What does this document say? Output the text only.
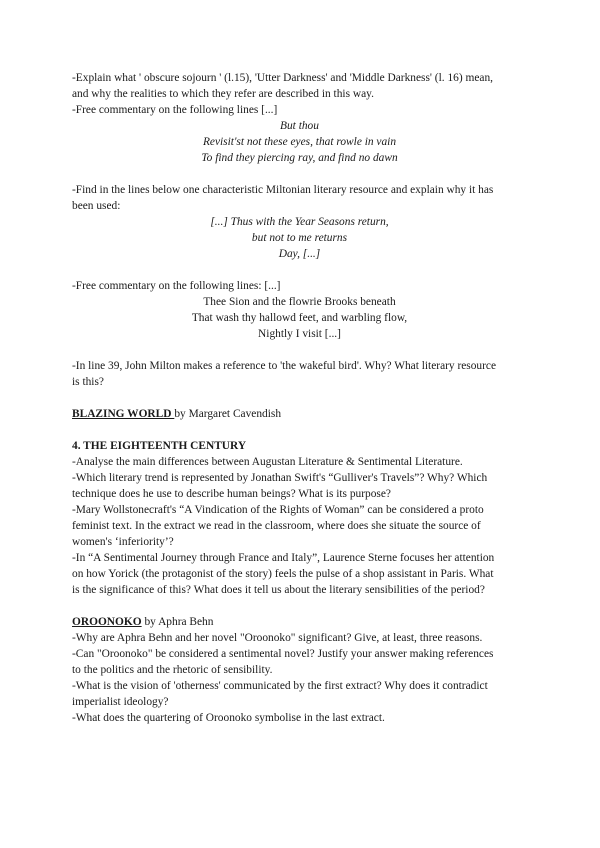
-Explain what ' obscure sojourn ' (l.15), 'Utter Darkness' and 'Middle Darkness' (l. 16) mean,

and why the realities to which they refer are described in this way.

-Free commentary on the following lines [...]

But thou

Revisit'st not these eyes, that rowle in vain

To find they piercing ray, and find no dawn

-Find in the lines below one characteristic Miltonian literary resource and explain why it has

been used:

[...] Thus with the Year Seasons return,

but not to me returns

Day, [...]

-Free commentary on the following lines: [...]

Thee Sion and the flowrie Brooks beneath

That wash thy hallowd feet, and warbling flow,

Nightly I visit [...]

-In line 39, John Milton makes a reference to 'the wakeful bird'. Why? What literary resource

is this?

BLAZING WORLD by Margaret Cavendish

4. THE EIGHTEENTH CENTURY

-Analyse the main differences between Augustan Literature & Sentimental Literature.

-Which literary trend is represented by Jonathan Swift's “Gulliver's Travels”? Why? Which

technique does he use to describe human beings? What is its purpose?

-Mary Wollstonecraft's “A Vindication of the Rights of Woman” can be considered a proto

feminist text. In the extract we read in the classroom, where does she situate the source of

women's ‘inferiority’?

-In “A Sentimental Journey through France and Italy”, Laurence Sterne focuses her attention

on how Yorick (the protagonist of the story) feels the pulse of a shop assistant in Paris. What

is the significance of this? What does it tell us about the literary sensibilities of the period?

OROONOKO by Aphra Behn

-Why are Aphra Behn and her novel "Oroonoko" significant? Give, at least, three reasons.

-Can "Oroonoko" be considered a sentimental novel? Justify your answer making references

to the politics and the rhetoric of sensibility.

-What is the vision of 'otherness' communicated by the first extract? Why does it contradict

imperialist ideology?

-What does the quartering of Oroonoko symbolise in the last extract.
